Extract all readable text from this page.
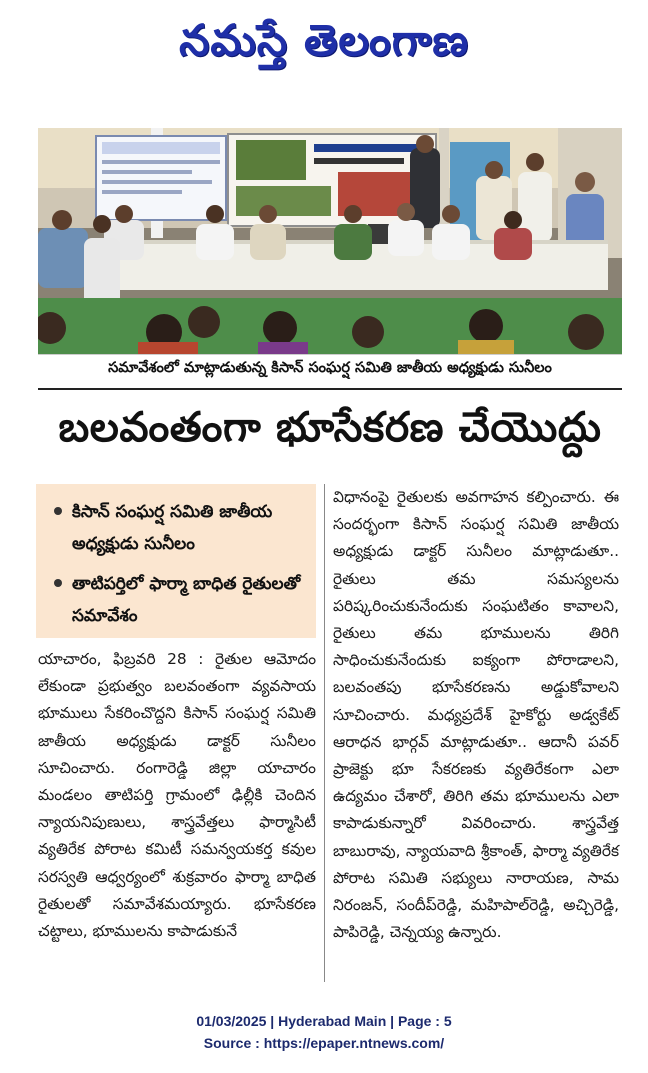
నమస్తే తెలంగాణ
సమావేశంలో మాట్లాడుతున్న కిసాన్ సంఘర్ష సమితి జాతీయ అధ్యక్షుడు సునీలం
బలవంతంగా భూసేకరణ చేయొద్దు
కిసాన్ సంఘర్ష సమితి జాతీయ అధ్యక్షుడు సునీలం
తాటిపర్తిలో ఫార్మా బాధిత రైతులతో సమావేశం
యాచారం, ఫిబ్రవరి 28 : రైతుల ఆమోదం లేకుండా ప్రభుత్వం బలవంతంగా వ్యవసాయ భూములు సేకరించొద్దని కిసాన్ సంఘర్ష సమితి జాతీయ అధ్యక్షుడు డాక్టర్ సునీలం సూచించారు. రంగారెడ్డి జిల్లా యాచారం మండలం తాటిపర్తి గ్రామంలో ఢిల్లీకి చెందిన న్యాయనిపుణులు, శాస్త్రవేత్తలు ఫార్మాసిటీ వ్యతిరేక పోరాట కమిటీ సమన్వయకర్త కవుల సరస్వతి ఆధ్వర్యంలో శుక్రవారం ఫార్మా బాధిత రైతులతో సమావేశమయ్యారు. భూసేకరణ చట్టాలు, భూములను కాపాడుకునే
విధానంపై రైతులకు అవగాహన కల్పించారు. ఈ సందర్భంగా కిసాన్ సంఘర్ష సమితి జాతీయ అధ్యక్షుడు డాక్టర్ సునీలం మాట్లాడుతూ.. రైతులు తమ సమస్యలను పరిష్కరించుకునేందుకు సంఘటితం కావాలని, రైతులు తమ భూములను తిరిగి సాధించుకునేందుకు ఐక్యంగా పోరాడాలని, బలవంతపు భూసేకరణను అడ్డుకోవాలని సూచించారు. మధ్యప్రదేశ్ హైకోర్టు అడ్వకేట్ ఆరాధన భార్గవ్ మాట్లాడుతూ.. ఆదానీ పవర్ ప్రాజెక్టు భూ సేకరణకు వ్యతిరేకంగా ఎలా ఉద్యమం చేశారో, తిరిగి తమ భూములను ఎలా కాపాడుకున్నారో వివరించారు. శాస్త్రవేత్త బాబురావు, న్యాయవాది శ్రీకాంత్, ఫార్మా వ్యతిరేక పోరాట సమితి సభ్యులు నారాయణ, సామ నిరంజన్, సందీప్‌రెడ్డి, మహిపాల్‌రెడ్డి, అచ్చిరెడ్డి, పాపిరెడ్డి, చెన్నయ్య ఉన్నారు.
01/03/2025 | Hyderabad Main | Page : 5
Source : https://epaper.ntnews.com/
